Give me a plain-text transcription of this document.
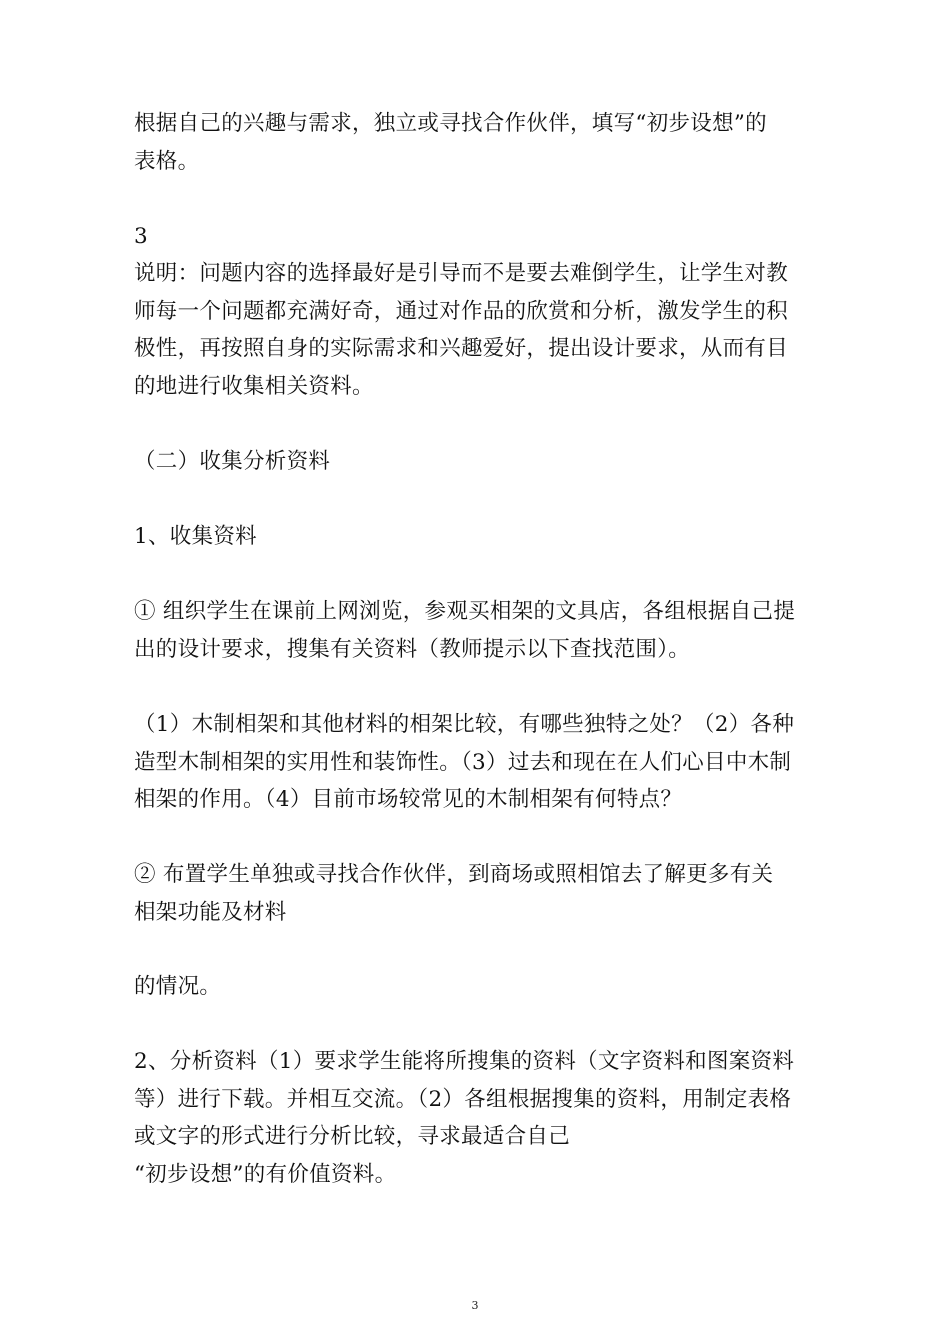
根据自己的兴趣与需求，独立或寻找合作伙伴，填写“初步设想”的
表格。

3

说明：问题内容的选择最好是引导而不是要去难倒学生，让学生对教
师每一个问题都充满好奇，通过对作品的欣赏和分析，激发学生的积
极性，再按照自身的实际需求和兴趣爱好，提出设计要求，从而有目
的地进行收集相关资料。

（二）收集分析资料

1、收集资料

① 组织学生在课前上网浏览，参观买相架的文具店，各组根据自己提
出的设计要求，搜集有关资料（教师提示以下查找范围）。

（1）木制相架和其他材料的相架比较，有哪些独特之处？（2）各种
造型木制相架的实用性和装饰性。（3）过去和现在在人们心目中木制
相架的作用。（4）目前市场较常见的木制相架有何特点？

② 布置学生单独或寻找合作伙伴，到商场或照相馆去了解更多有关
相架功能及材料

的情况。

2、分析资料（1）要求学生能将所搜集的资料（文字资料和图案资料
等）进行下载。并相互交流。（2）各组根据搜集的资料，用制定表格
或文字的形式进行分析比较，寻求最适合自己

“初步设想”的有价值资料。

3
